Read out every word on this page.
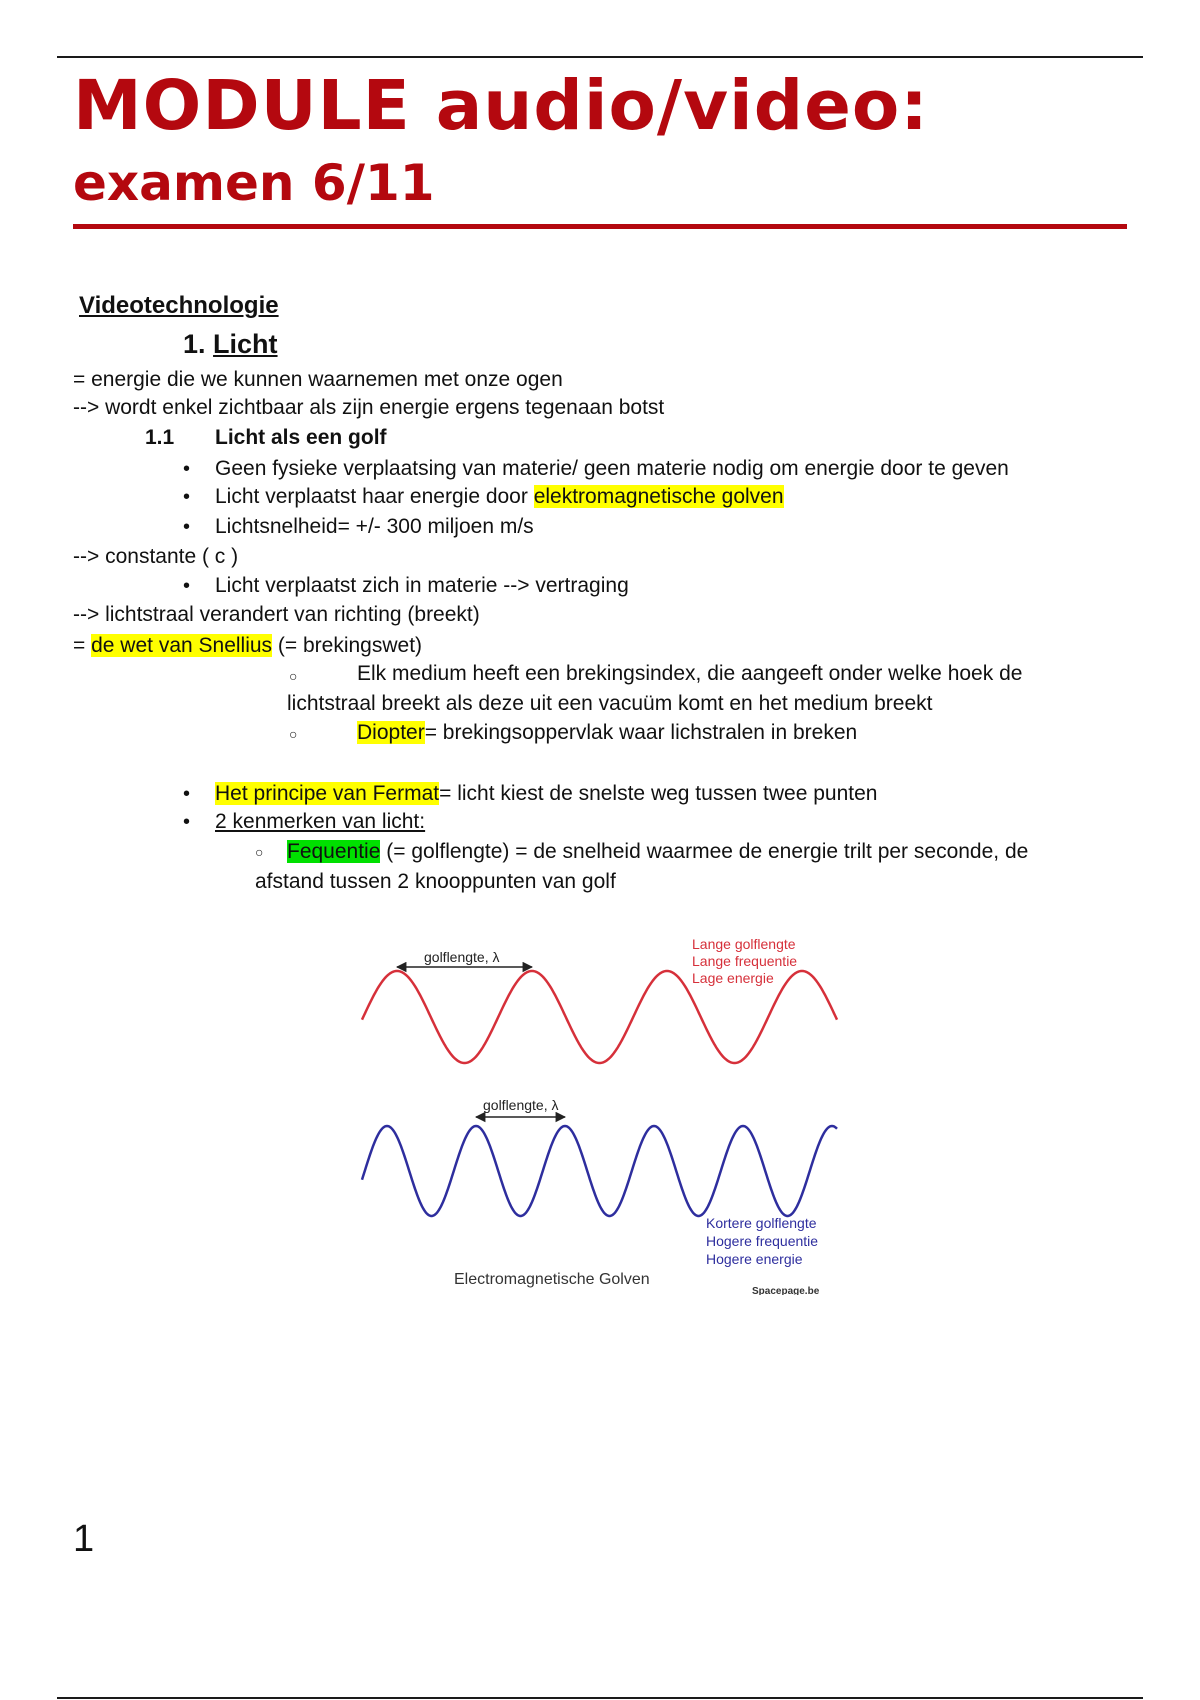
MODULE audio/video:
examen 6/11
Videotechnologie
1. Licht
= energie die we kunnen waarnemen met onze ogen
--> wordt enkel zichtbaar als zijn energie ergens tegenaan botst
1.1 Licht als een golf
• Geen fysieke verplaatsing van materie/ geen materie nodig om energie door te geven
• Licht verplaatst haar energie door elektromagnetische golven
• Lichtsnelheid= +/- 300 miljoen m/s
--> constante ( c )
• Licht verplaatst zich in materie --> vertraging
--> lichtstraal verandert van richting (breekt)
= de wet van Snellius (= brekingswet)
○	Elk medium heeft een brekingsindex, die aangeeft onder welke hoek de
lichtstraal breekt als deze uit een vacuüm komt en het medium breekt
○	Diopter= brekingsoppervlak waar lichstralen in breken
• Het principe van Fermat= licht kiest de snelste weg tussen twee punten
• 2 kenmerken van licht:
○ Fequentie (= golflengte) = de snelheid waarmee de energie trilt per seconde, de
afstand tussen 2 knooppunten van golf
golflengte, λ
Lange golflengte
Lange frequentie
Lage energie
golflengte, λ
Kortere golflengte
Hogere frequentie
Hogere energie
Electromagnetische Golven
Spacepage.be
1
